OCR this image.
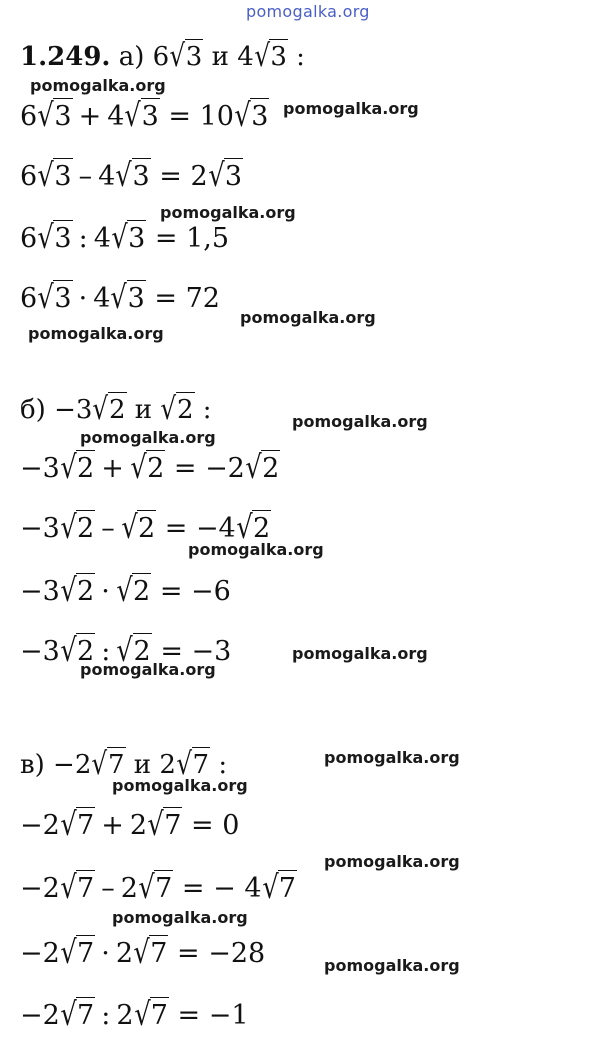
pomogalka.org
1.249. а) 6√3 и 4√3 :
6√3 + 4√3 = 10√3
6√3 – 4√3 = 2√3
6√3 : 4√3 = 1,5
6√3 · 4√3 = 72
б) −3√2 и √2 :
−3√2 + √2 = −2√2
−3√2 – √2 = −4√2
−3√2 · √2 = −6
−3√2 : √2 = −3
в) −2√7 и 2√7 :
−2√7 + 2√7 = 0
−2√7 – 2√7 = − 4√7
−2√7 · 2√7 = −28
−2√7 : 2√7 = −1
pomogalka.org
pomogalka.org
pomogalka.org
pomogalka.org
pomogalka.org
pomogalka.org
pomogalka.org
pomogalka.org
pomogalka.org
pomogalka.org
pomogalka.org
pomogalka.org
pomogalka.org
pomogalka.org
pomogalka.org
